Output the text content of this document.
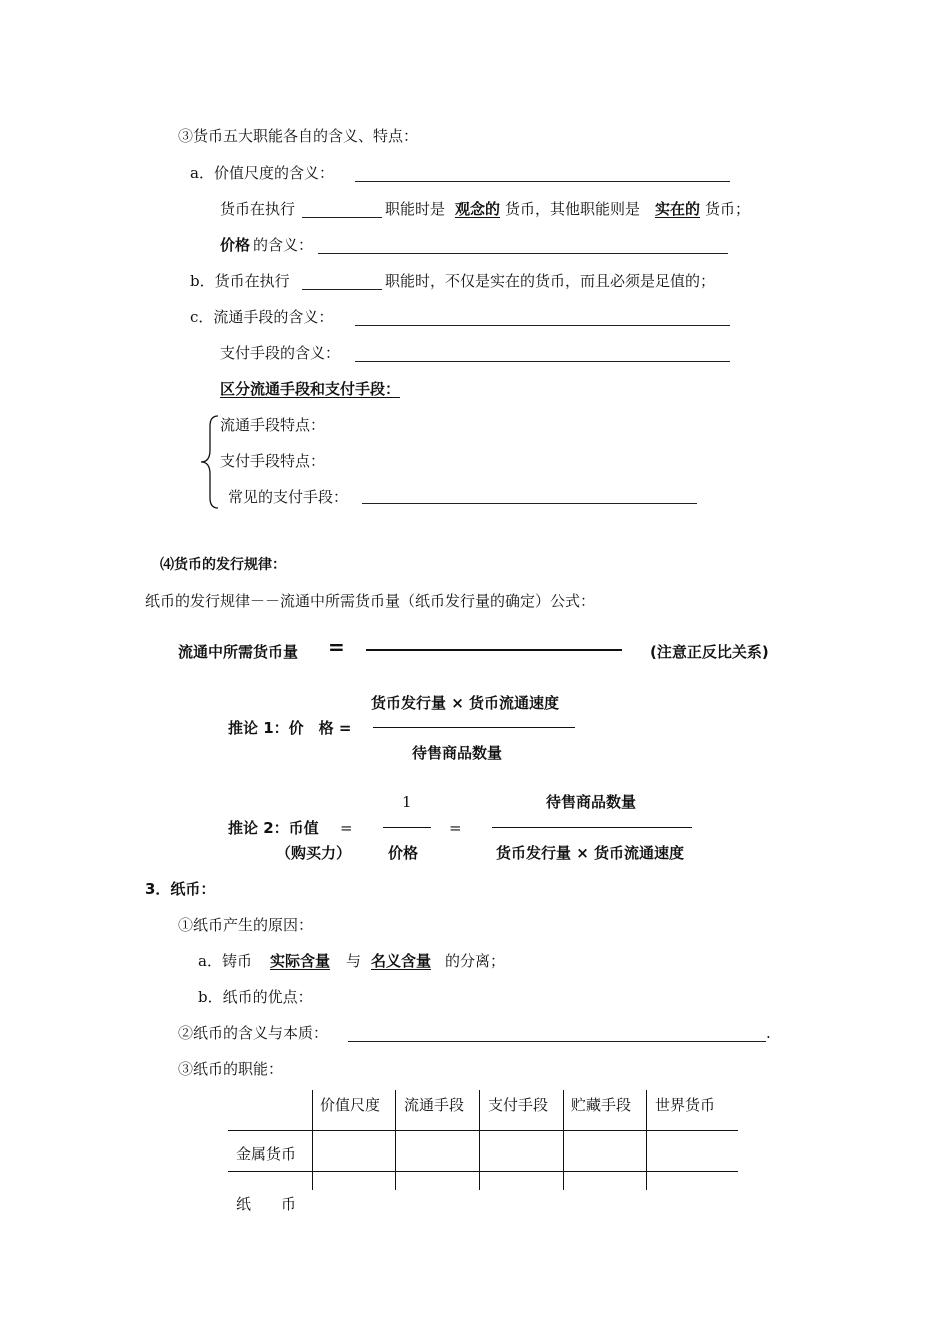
③货币五大职能各自的含义、特点：
a．价值尺度的含义：
货币在执行	职能时是 观念的 货币，其他职能则是 实在的 货币；
价格 的含义：
b．货币在执行	职能时，不仅是实在的货币，而且必须是足值的；
c．流通手段的含义：
支付手段的含义：
区分流通手段和支付手段：
流通手段特点：
支付手段特点：
常见的支付手段：
⑷货币的发行规律：
纸币的发行规律－－流通中所需货币量（纸币发行量的确定）公式：
流通中所需货币量 =	(注意正反比关系)
货币发行量 × 货币流通速度
推论 1：价　格 =
待售商品数量
1	待售商品数量
推论 2：币值 =	=
（购买力） 价格	货币发行量 × 货币流通速度
3．纸币：
①纸币产生的原因：
a．铸币 实际含量 与 名义含量 的分离；
b．纸币的优点：
②纸币的含义与本质：	.
③纸币的职能：
价值尺度 流通手段 支付手段 贮藏手段 世界货币
金属货币
纸　　币
